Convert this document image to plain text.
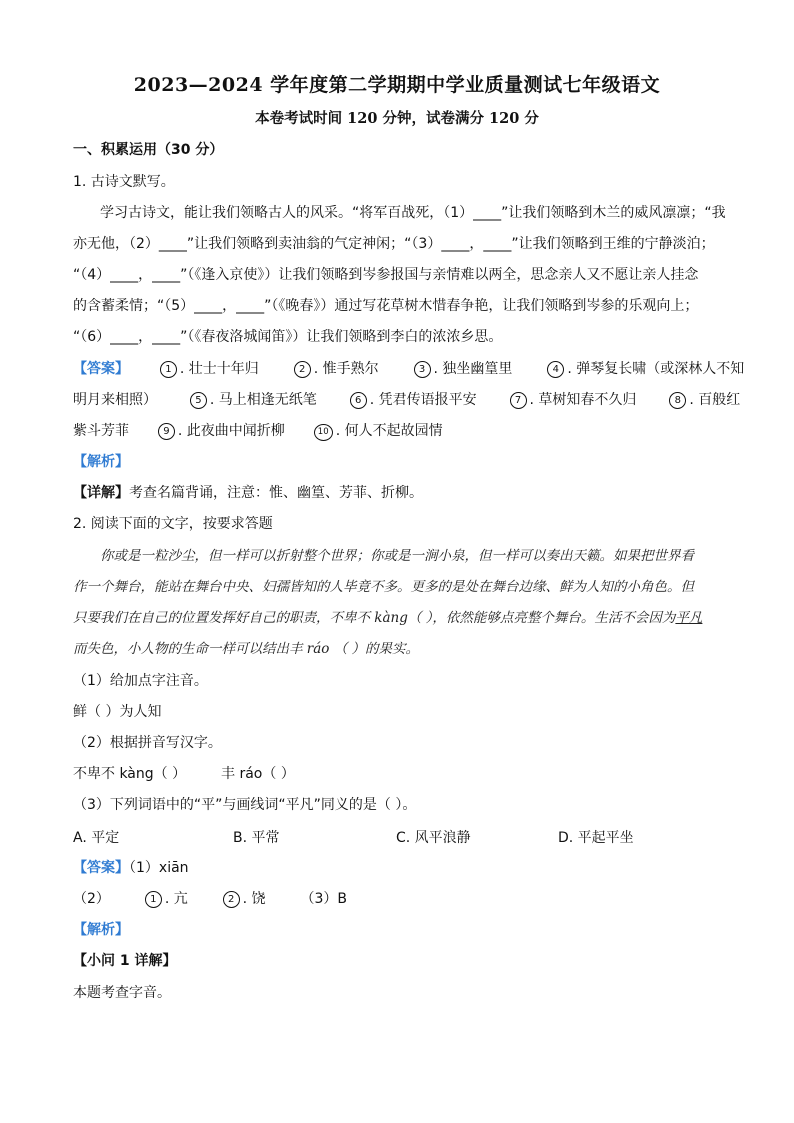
2023—2024 学年度第二学期期中学业质量测试七年级语文
本卷考试时间 120 分钟，试卷满分 120 分
一、积累运用（30 分）
1. 古诗文默写。
学习古诗文，能让我们领略古人的风采。“将军百战死，（1）____”让我们领略到木兰的威风凛凛；“我
亦无他，（2）____”让我们领略到卖油翁的气定神闲；“（3）____，____”让我们领略到王维的宁静淡泊；
“（4）____，____”（《逢入京使》）让我们领略到岑参报国与亲情难以两全，思念亲人又不愿让亲人挂念
的含蓄柔情；“（5）____，____”（《晚春》）通过写花草树木惜春争艳，让我们领略到岑参的乐观向上；
“（6）____，____”（《春夜洛城闻笛》）让我们领略到李白的浓浓乡思。
【答案】	1 . 壮士十年归	2 . 惟手熟尔	3 . 独坐幽篁里	4 . 弹琴复长啸（或深林人不知
明月来相照）	5 . 马上相逢无纸笔	6 . 凭君传语报平安	7 . 草树知春不久归	8 . 百般红
紫斗芳菲	9 . 此夜曲中闻折柳	10 . 何人不起故园情
【解析】
【详解】考查名篇背诵，注意：惟、幽篁、芳菲、折柳。
2. 阅读下面的文字，按要求答题
你或是一粒沙尘，但一样可以折射整个世界；你或是一涧小泉，但一样可以奏出天籁。如果把世界看
作一个舞台，能站在舞台中央、妇孺皆知的人毕竟不多。更多的是处在舞台边缘、鲜为人知的小角色。但
只要我们在自己的位置发挥好自己的职责，不卑不 kàng（ ），依然能够点亮整个舞台。生活不会因为平凡
而失色，小人物的生命一样可以结出丰 ráo （ ）的果实。
（1）给加点字注音。
鲜（ ）为人知
（2）根据拼音写汉字。
不卑不 kàng（ ） 丰 ráo（ ）
（3）下列词语中的“平”与画线词“平凡”同义的是（ ）。
A. 平定	B. 平常	C. 风平浪静	D. 平起平坐
【答案】（1）xiān
（2）	1 . 亢	2 . 饶 （3）B
【解析】
【小问 1 详解】
本题考查字音。
